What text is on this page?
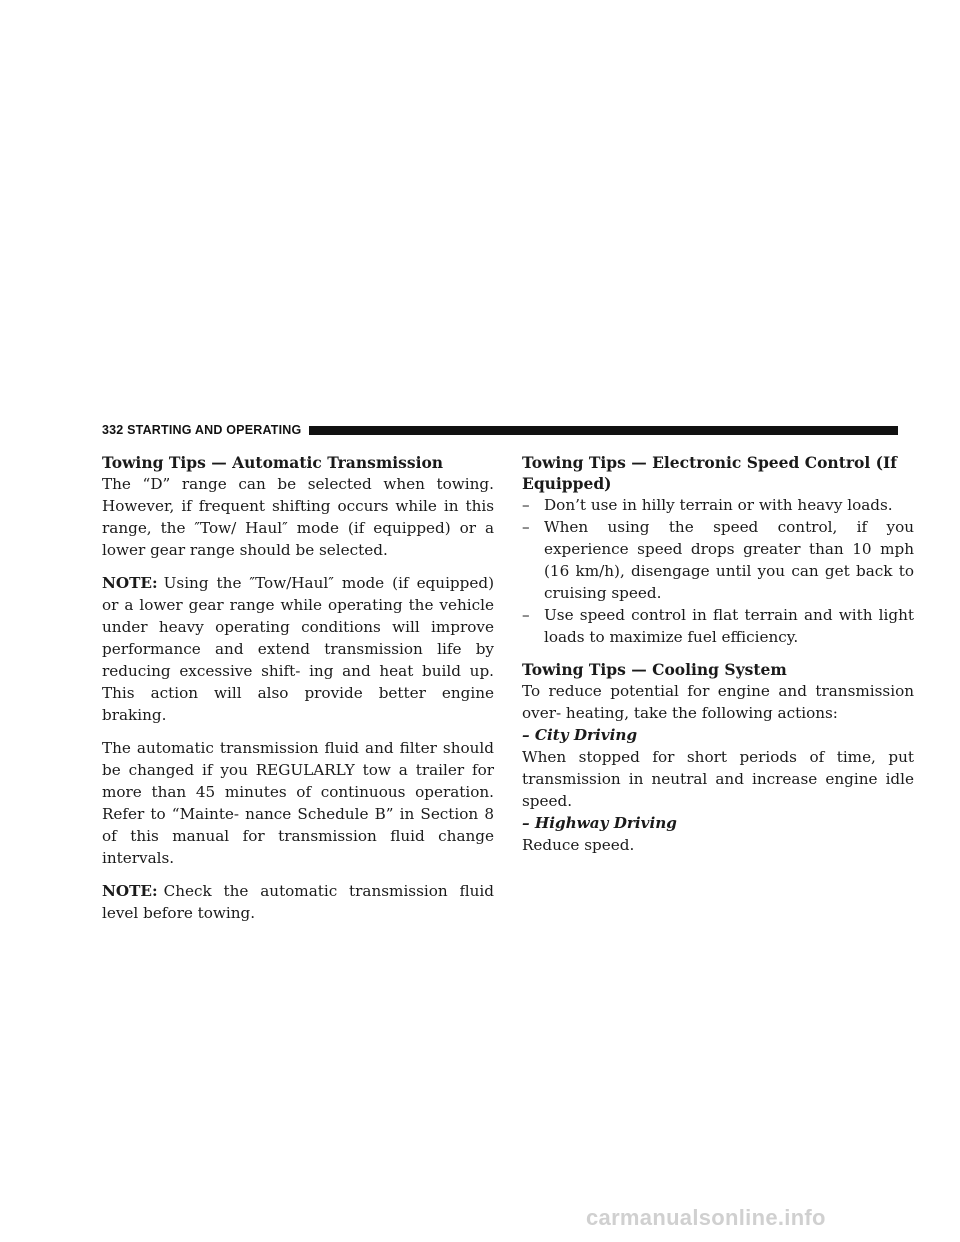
332 STARTING AND OPERATING

Towing Tips — Automatic Transmission

The “D” range can be selected when towing. However, if frequent shifting occurs while in this range, the ″Tow/ Haul″ mode (if equipped) or a lower gear range should be selected.

NOTE: Using the ″Tow/Haul″ mode (if equipped) or a lower gear range while operating the vehicle under heavy operating conditions will improve performance and extend transmission life by reducing excessive shift- ing and heat build up. This action will also provide better engine braking.

The automatic transmission fluid and filter should be changed if you REGULARLY tow a trailer for more than 45 minutes of continuous operation. Refer to “Mainte- nance Schedule B” in Section 8 of this manual for transmission fluid change intervals.

NOTE: Check the automatic transmission fluid level before towing.

Towing Tips — Electronic Speed Control (If Equipped)

– Don’t use in hilly terrain or with heavy loads.

– When using the speed control, if you experience speed drops greater than 10 mph (16 km/h), disengage until you can get back to cruising speed.

– Use speed control in flat terrain and with light loads to maximize fuel efficiency.

Towing Tips — Cooling System

To reduce potential for engine and transmission over- heating, take the following actions:

– City Driving

When stopped for short periods of time, put transmission in neutral and increase engine idle speed.

– Highway Driving

Reduce speed.

carmanualsonline.info
